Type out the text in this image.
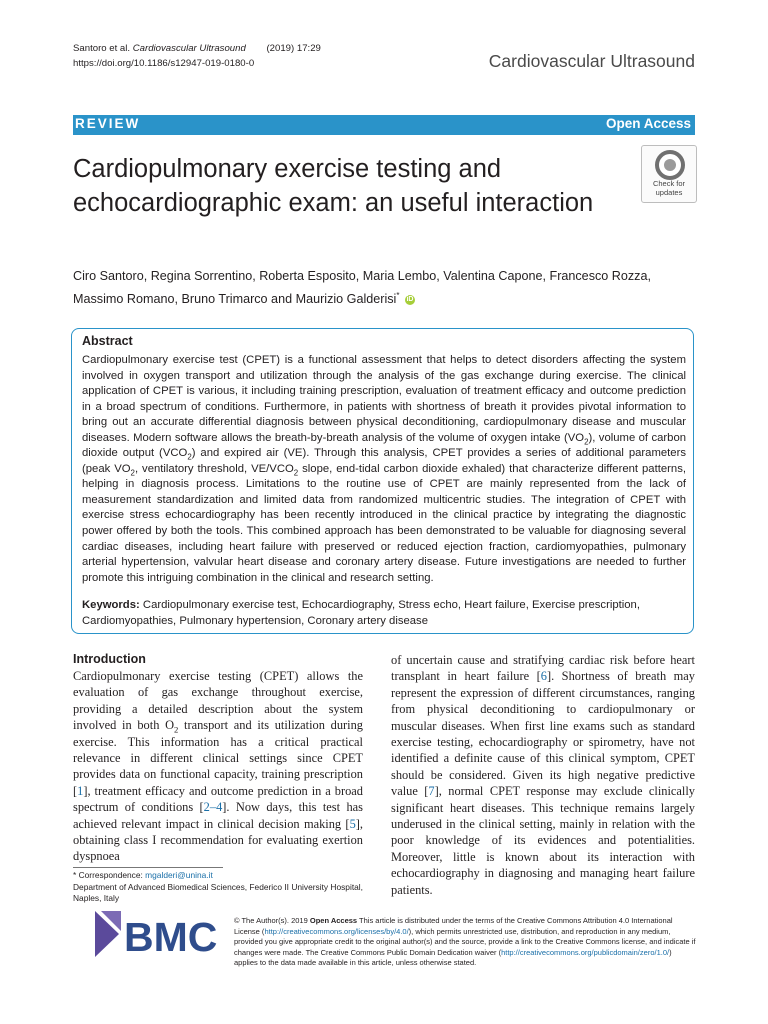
Santoro et al. Cardiovascular Ultrasound (2019) 17:29
https://doi.org/10.1186/s12947-019-0180-0	Cardiovascular Ultrasound
REVIEW	Open Access
Cardiopulmonary exercise testing and echocardiographic exam: an useful interaction
Check for
updates
Ciro Santoro, Regina Sorrentino, Roberta Esposito, Maria Lembo, Valentina Capone, Francesco Rozza,
Massimo Romano, Bruno Trimarco and Maurizio Galderisi* iD
Abstract
Cardiopulmonary exercise test (CPET) is a functional assessment that helps to detect disorders affecting the system involved in oxygen transport and utilization through the analysis of the gas exchange during exercise. The clinical application of CPET is various, it including training prescription, evaluation of treatment efficacy and outcome prediction in a broad spectrum of conditions. Furthermore, in patients with shortness of breath it provides pivotal information to bring out an accurate differential diagnosis between physical deconditioning, cardiopulmonary disease and muscular diseases. Modern software allows the breath-by-breath analysis of the volume of oxygen intake $(VO_2)$, volume of carbon dioxide output $(VCO_2)$ and expired air (VE). Through this analysis, CPET provides a series of additional parameters (peak $VO_2$, ventilatory threshold, $VE/VCO_2$ slope, end-tidal carbon dioxide exhaled) that characterize different patterns, helping in diagnosis process. Limitations to the routine use of CPET are mainly represented from the lack of measurement standardization and limited data from randomized multicentric studies. The integration of CPET with exercise stress echocardiography has been recently introduced in the clinical practice by integrating the diagnostic power offered by both the tools. This combined approach has been demonstrated to be valuable for diagnosing several cardiac diseases, including heart failure with preserved or reduced ejection fraction, cardiomyopathies, pulmonary arterial hypertension, valvular heart disease and coronary artery disease. Future investigations are needed to further promote this intriguing combination in the clinical and research setting.
Keywords: Cardiopulmonary exercise test, Echocardiography, Stress echo, Heart failure, Exercise prescription, Cardiomyopathies, Pulmonary hypertension, Coronary artery disease
Introduction
Cardiopulmonary exercise testing (CPET) allows the evaluation of gas exchange throughout exercise, providing a detailed description about the system involved in both $O_2$ transport and its utilization during exercise. This information has a critical practical relevance in different clinical settings since CPET provides data on functional capacity, training prescription [1], treatment efficacy and outcome prediction in a broad spectrum of conditions [2–4]. Now days, this test has achieved relevant impact in clinical decision making [5], obtaining class I recommendation for evaluating exertion dyspnoea
of uncertain cause and stratifying cardiac risk before heart transplant in heart failure [6]. Shortness of breath may represent the expression of different circumstances, ranging from physical deconditioning to cardiopulmonary or muscular diseases. When first line exams such as standard exercise testing, echocardiography or spirometry, have not identified a definite cause of this clinical symptom, CPET should be considered. Given its high negative predictive value [7], normal CPET response may exclude clinically significant heart diseases. This technique remains largely underused in the clinical setting, mainly in relation with the poor knowledge of its evidences and potentialities. Moreover, little is known about its interaction with echocardiography in diagnosing and managing heart failure patients.
* Correspondence: mgalderi@unina.it
Department of Advanced Biomedical Sciences, Federico II University Hospital, Naples, Italy
BMC © The Author(s). 2019 Open Access This article is distributed under the terms of the Creative Commons Attribution 4.0 International License (http://creativecommons.org/licenses/by/4.0/), which permits unrestricted use, distribution, and reproduction in any medium, provided you give appropriate credit to the original author(s) and the source, provide a link to the Creative Commons license, and indicate if changes were made. The Creative Commons Public Domain Dedication waiver (http://creativecommons.org/publicdomain/zero/1.0/) applies to the data made available in this article, unless otherwise stated.
